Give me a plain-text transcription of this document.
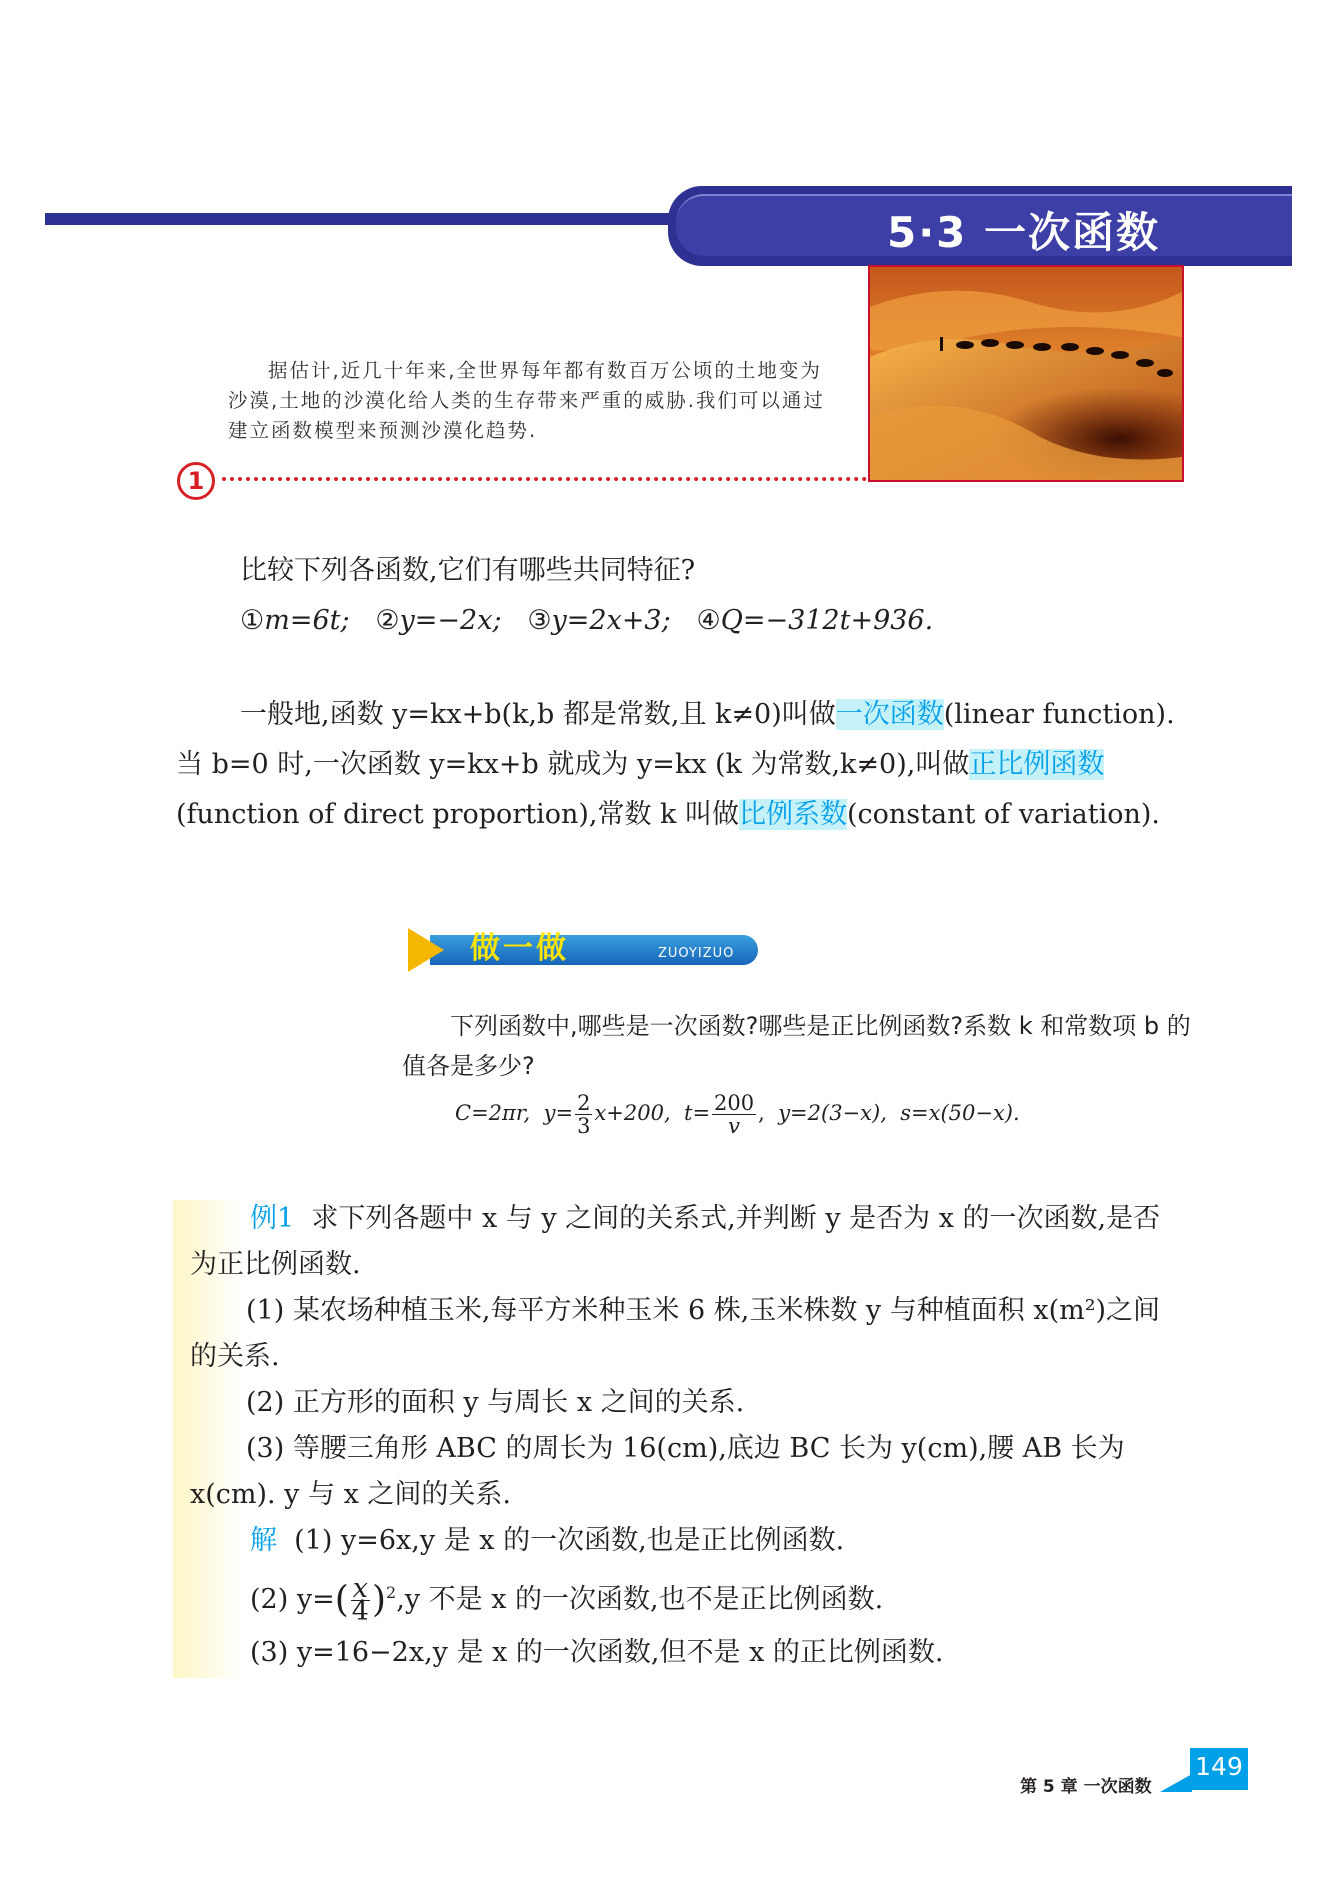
5·3 一次函数
据估计,近几十年来,全世界每年都有数百万公顷的土地变为沙漠,土地的沙漠化给人类的生存带来严重的威胁.我们可以通过建立函数模型来预测沙漠化趋势.
1
比较下列各函数,它们有哪些共同特征?
①m=6t; ②y=−2x; ③y=2x+3; ④Q=−312t+936.
一般地,函数 y=kx+b(k,b 都是常数,且 k≠0)叫做一次函数(linear function). 当 b=0 时,一次函数 y=kx+b 就成为 y=kx (k 为常数,k≠0),叫做正比例函数(function of direct proportion),常数 k 叫做比例系数(constant of variation).
做一做	ZUOYIZUO
下列函数中,哪些是一次函数?哪些是正比例函数?系数 k 和常数项 b 的值各是多少?
C=2πr, $y= \frac{2}{3} x+200$, $t= \frac{200}{v}$, y=2(3−x), s=x(50−x).
例1 求下列各题中 x 与 y 之间的关系式,并判断 y 是否为 x 的一次函数,是否为正比例函数.
(1) 某农场种植玉米,每平方米种玉米 6 株,玉米株数 y 与种植面积 x(m²)之间的关系.
(2) 正方形的面积 y 与周长 x 之间的关系.
(3) 等腰三角形 ABC 的周长为 16(cm),底边 BC 长为 y(cm),腰 AB 长为 x(cm). y 与 x 之间的关系.
解 (1) y=6x,y 是 x 的一次函数,也是正比例函数.
(2) $y=( \frac{x}{4} )^2,y$ 不是 x 的一次函数,也不是正比例函数.
(3) y=16−2x,y 是 x 的一次函数,但不是 x 的正比例函数.
第 5 章 一次函数
149
